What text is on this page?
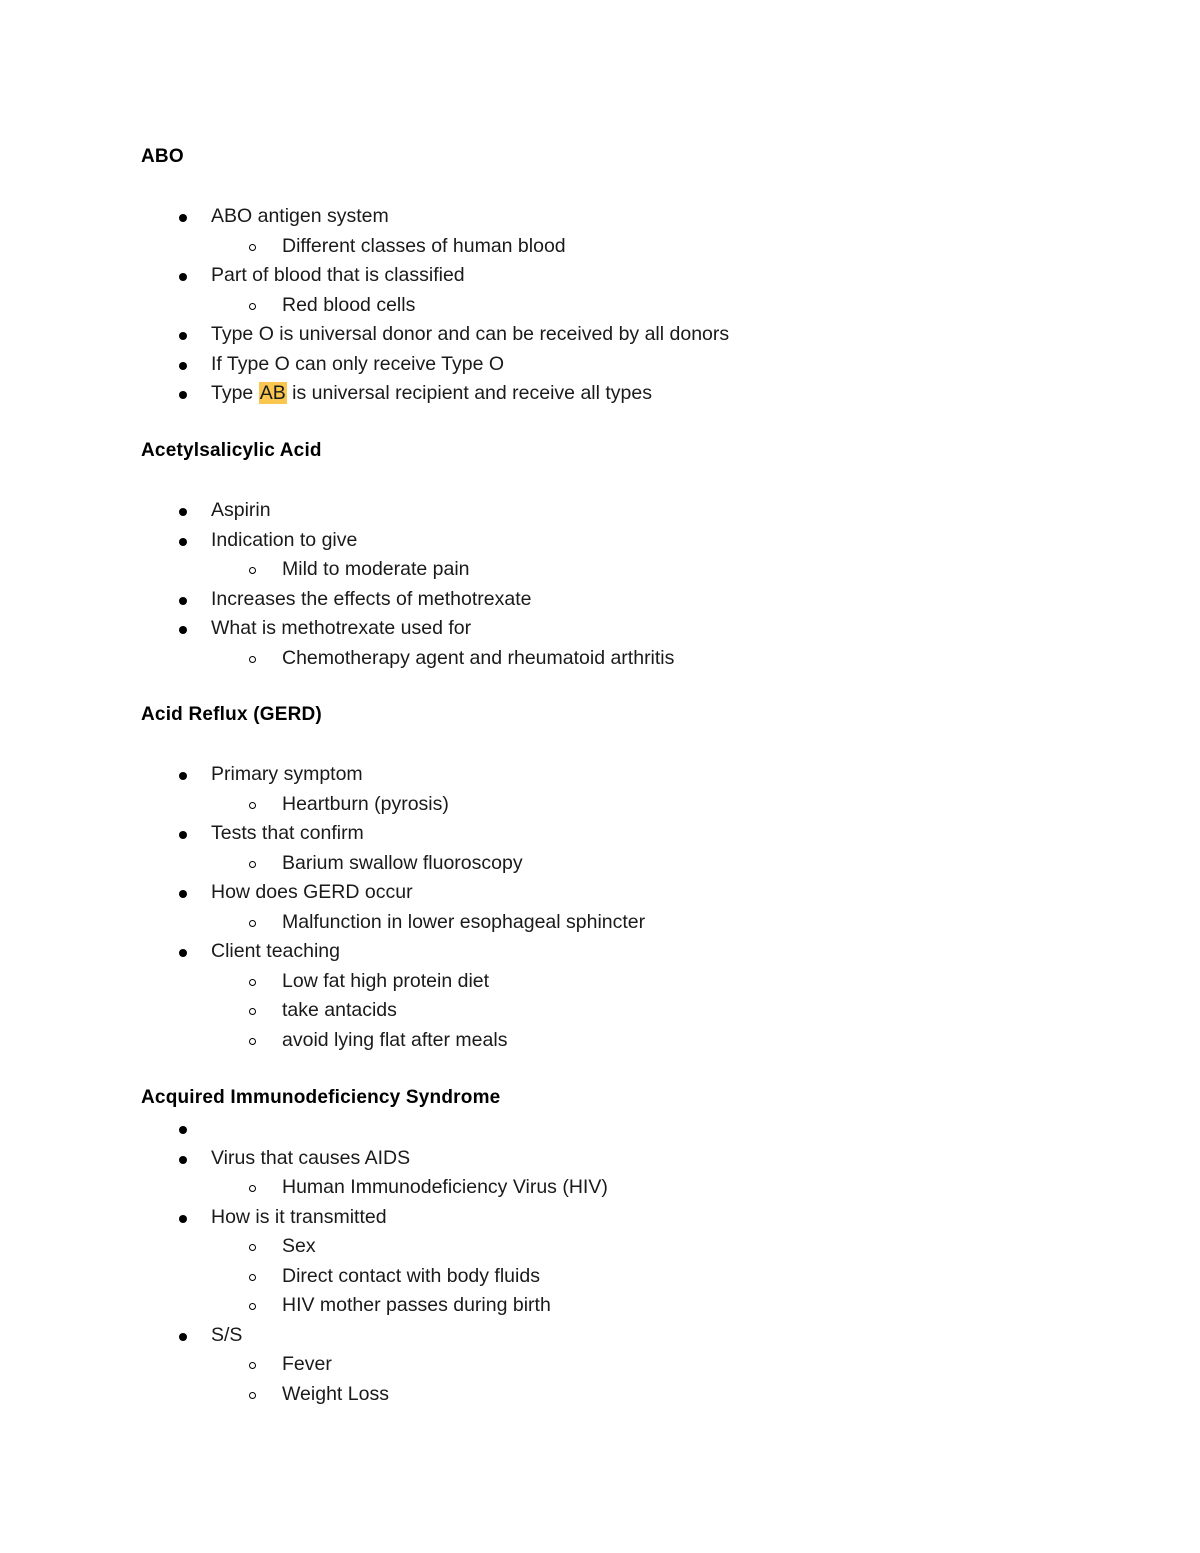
ABO
ABO antigen system
Different classes of human blood
Part of blood that is classified
Red blood cells
Type O is universal donor and can be received by all donors
If Type O can only receive Type O
Type AB is universal recipient and receive all types
Acetylsalicylic Acid
Aspirin
Indication to give
Mild to moderate pain
Increases the effects of methotrexate
What is methotrexate used for
Chemotherapy agent and rheumatoid arthritis
Acid Reflux (GERD)
Primary symptom
Heartburn (pyrosis)
Tests that confirm
Barium swallow fluoroscopy
How does GERD occur
Malfunction in lower esophageal sphincter
Client teaching
Low fat high protein diet
take antacids
avoid lying flat after meals
Acquired Immunodeficiency Syndrome
Virus that causes AIDS
Human Immunodeficiency Virus (HIV)
How is it transmitted
Sex
Direct contact with body fluids
HIV mother passes during birth
S/S
Fever
Weight Loss
